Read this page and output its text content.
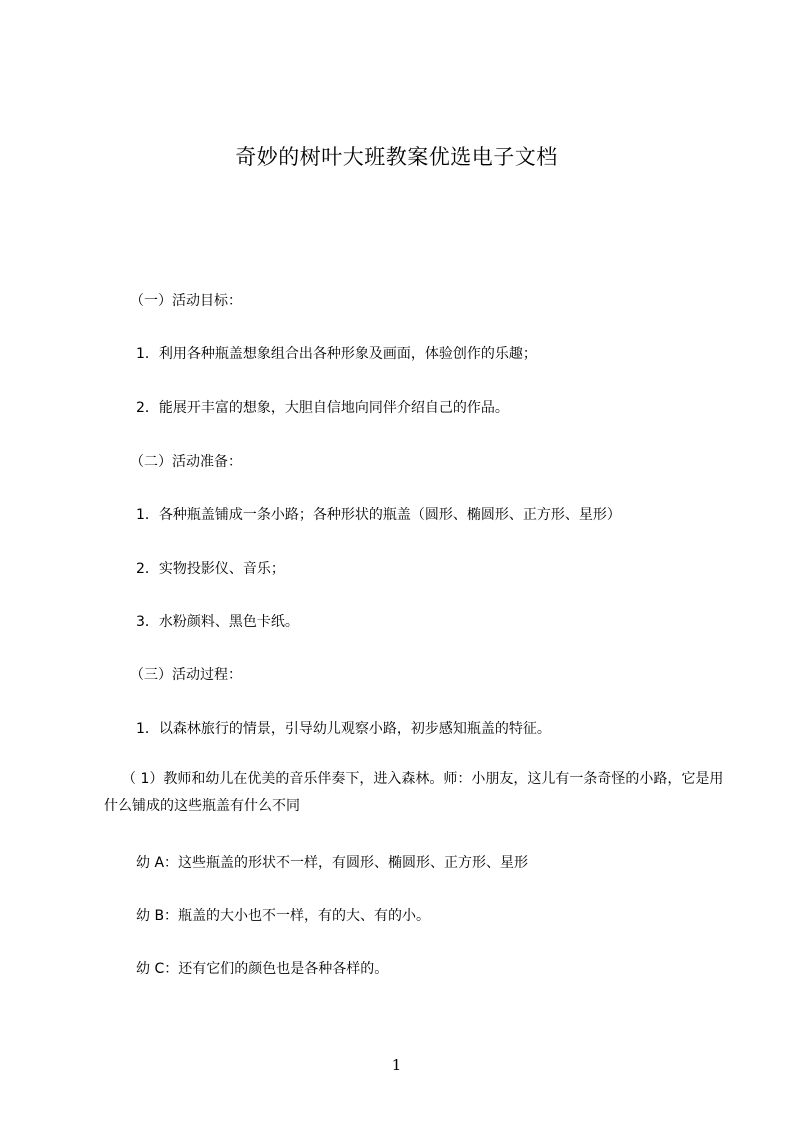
奇妙的树叶大班教案优选电子文档
（一）活动目标：
1．利用各种瓶盖想象组合出各种形象及画面，体验创作的乐趣；
2．能展开丰富的想象，大胆自信地向同伴介绍自己的作品。
（二）活动准备：
1．各种瓶盖铺成一条小路；各种形状的瓶盖（圆形、椭圆形、正方形、星形）
2．实物投影仪、音乐；
3．水粉颜料、黑色卡纸。
（三）活动过程：
1．以森林旅行的情景，引导幼儿观察小路，初步感知瓶盖的特征。
（ 1）教师和幼儿在优美的音乐伴奏下，进入森林。师：小朋友，这儿有一条奇怪的小路，它是用什么铺成的这些瓶盖有什么不同
幼 A：这些瓶盖的形状不一样，有圆形、椭圆形、正方形、星形
幼 B：瓶盖的大小也不一样，有的大、有的小。
幼 C：还有它们的颜色也是各种各样的。
1
